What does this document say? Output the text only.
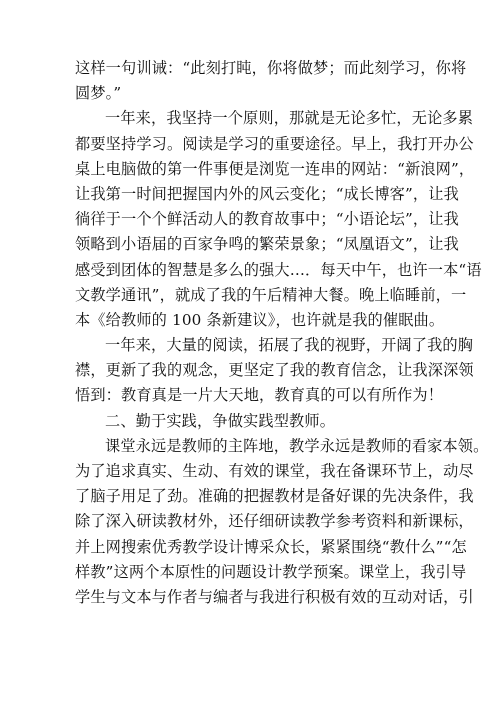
这样一句训诫：“此刻打盹，你将做梦；而此刻学习，你将
圆梦。”
一年来，我坚持一个原则，那就是无论多忙，无论多累
都要坚持学习。阅读是学习的重要途径。早上，我打开办公
桌上电脑做的第一件事便是浏览一连串的网站：“新浪网”，
让我第一时间把握国内外的风云变化；“成长博客”，让我
徜徉于一个个鲜活动人的教育故事中；“小语论坛”，让我
领略到小语届的百家争鸣的繁荣景象；“凤凰语文”，让我
感受到团体的智慧是多么的强大…．每天中午，也许一本“语
文教学通讯”，就成了我的午后精神大餐。晚上临睡前，一
本《给教师的 100 条新建议》，也许就是我的催眠曲。
一年来，大量的阅读，拓展了我的视野，开阔了我的胸
襟，更新了我的观念，更坚定了我的教育信念，让我深深领
悟到：教育真是一片大天地，教育真的可以有所作为！
二、勤于实践，争做实践型教师。
课堂永远是教师的主阵地，教学永远是教师的看家本领。
为了追求真实、生动、有效的课堂，我在备课环节上，动尽
了脑子用足了劲。准确的把握教材是备好课的先决条件，我
除了深入研读教材外，还仔细研读教学参考资料和新课标，
并上网搜索优秀教学设计博采众长，紧紧围绕“教什么”“怎
样教”这两个本原性的问题设计教学预案。课堂上，我引导
学生与文本与作者与编者与我进行积极有效的互动对话，引
